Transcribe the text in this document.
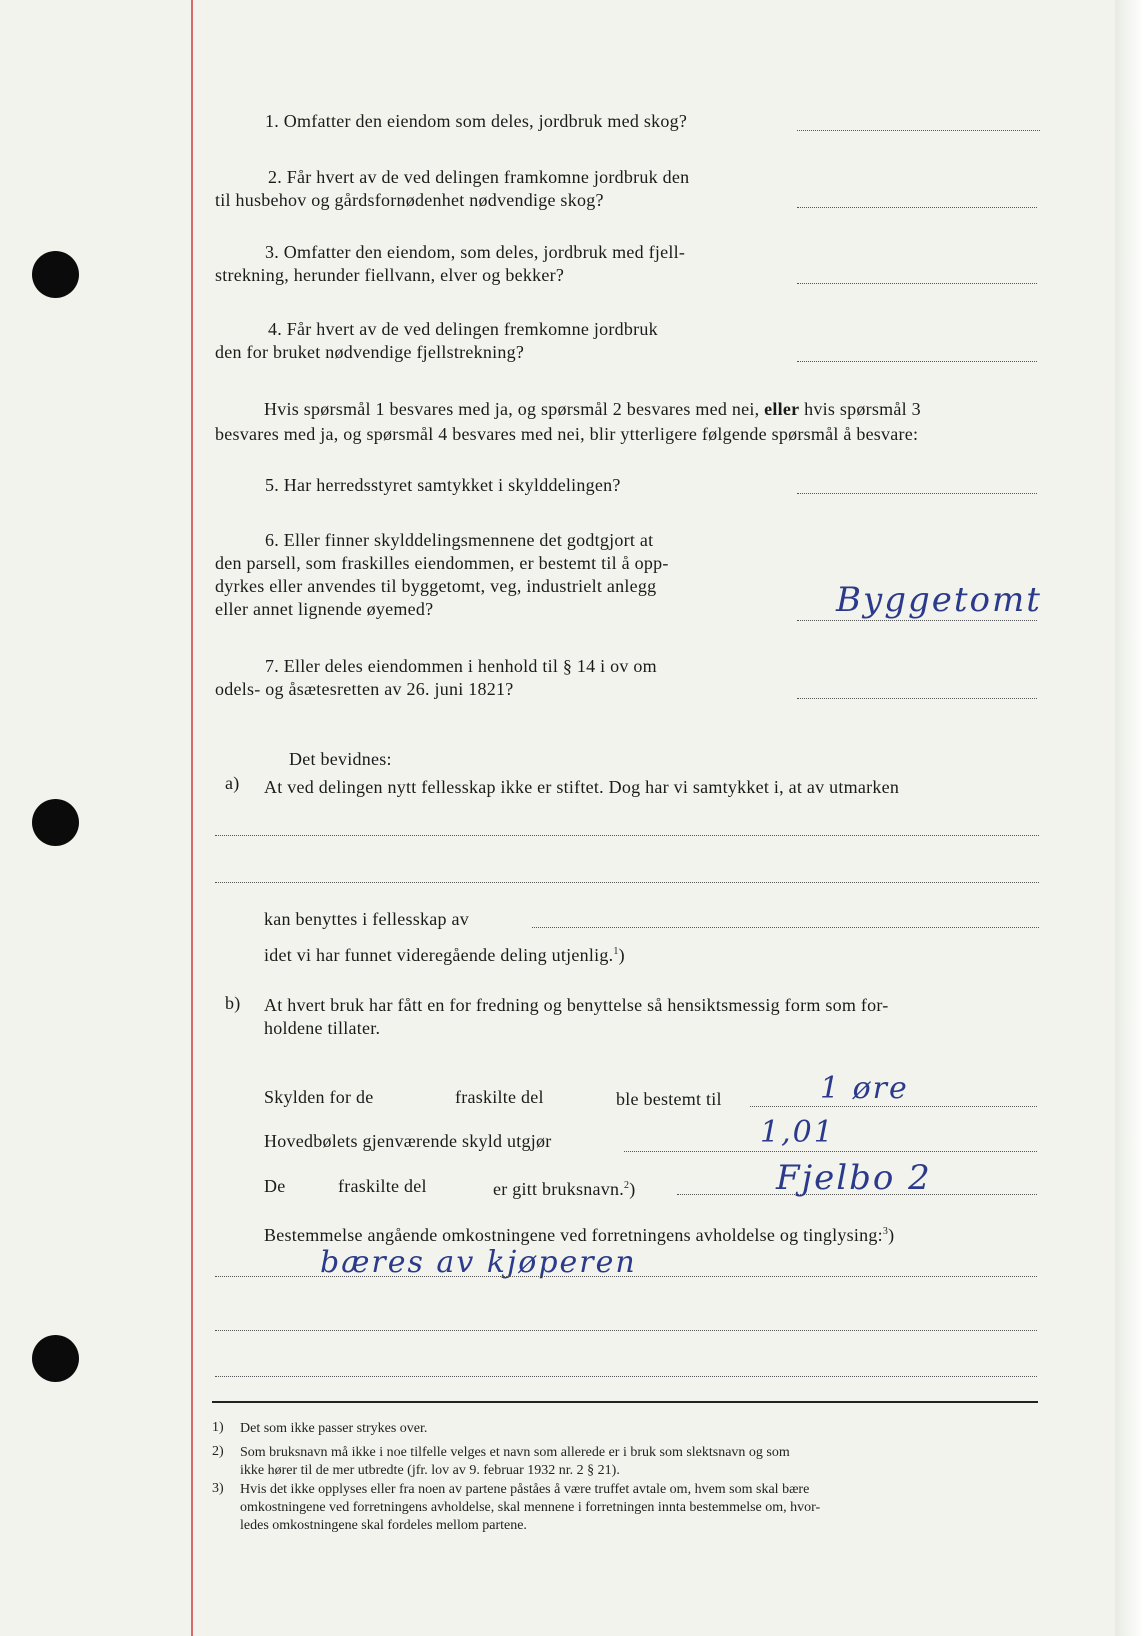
1. Omfatter den eiendom som deles, jordbruk med skog?

2. Får hvert av de ved delingen framkomne jordbruk den

til husbehov og gårdsfornødenhet nødvendige skog?

3. Omfatter den eiendom, som deles, jordbruk med fjell-

strekning, herunder fiellvann, elver og bekker?

4. Får hvert av de ved delingen fremkomne jordbruk

den for bruket nødvendige fjellstrekning?

Hvis spørsmål 1 besvares med ja, og spørsmål 2 besvares med nei, eller hvis spørsmål 3

besvares med ja, og spørsmål 4 besvares med nei, blir ytterligere følgende spørsmål å besvare:

5. Har herredsstyret samtykket i skylddelingen?

6. Eller finner skylddelingsmennene det godtgjort at

den parsell, som fraskilles eiendommen, er bestemt til å opp-

dyrkes eller anvendes til byggetomt, veg, industrielt anlegg

eller annet lignende øyemed?	Byggetomt

7. Eller deles eiendommen i henhold til § 14 i ov om

odels- og åsætesretten av 26. juni 1821?

Det bevidnes:

a) At ved delingen nytt fellesskap ikke er stiftet. Dog har vi samtykket i, at av utmarken

kan benyttes i fellesskap av

idet vi har funnet videregående deling utjenlig.$^1$)

b) At hvert bruk har fått en for fredning og benyttelse så hensiktsmessig form som for-

holdene tillater.

Skylden for de	fraskilte del	ble bestemt til	1 øre

Hovedbølets gjenværende skyld utgjør	1,01

De	fraskilte del	er gitt bruksnavn.$^2$)	Fjelbo 2

Bestemmelse angående omkostningene ved forretningens avholdelse og tinglysing:$^3$)

bæres av kjøperen

1) Det som ikke passer strykes over.

2) Som bruksnavn må ikke i noe tilfelle velges et navn som allerede er i bruk som slektsnavn og som

ikke hører til de mer utbredte (jfr. lov av 9. februar 1932 nr. 2 § 21).

3) Hvis det ikke opplyses eller fra noen av partene påståes å være truffet avtale om, hvem som skal bære

omkostningene ved forretningens avholdelse, skal mennene i forretningen innta bestemmelse om, hvor-

ledes omkostningene skal fordeles mellom partene.
